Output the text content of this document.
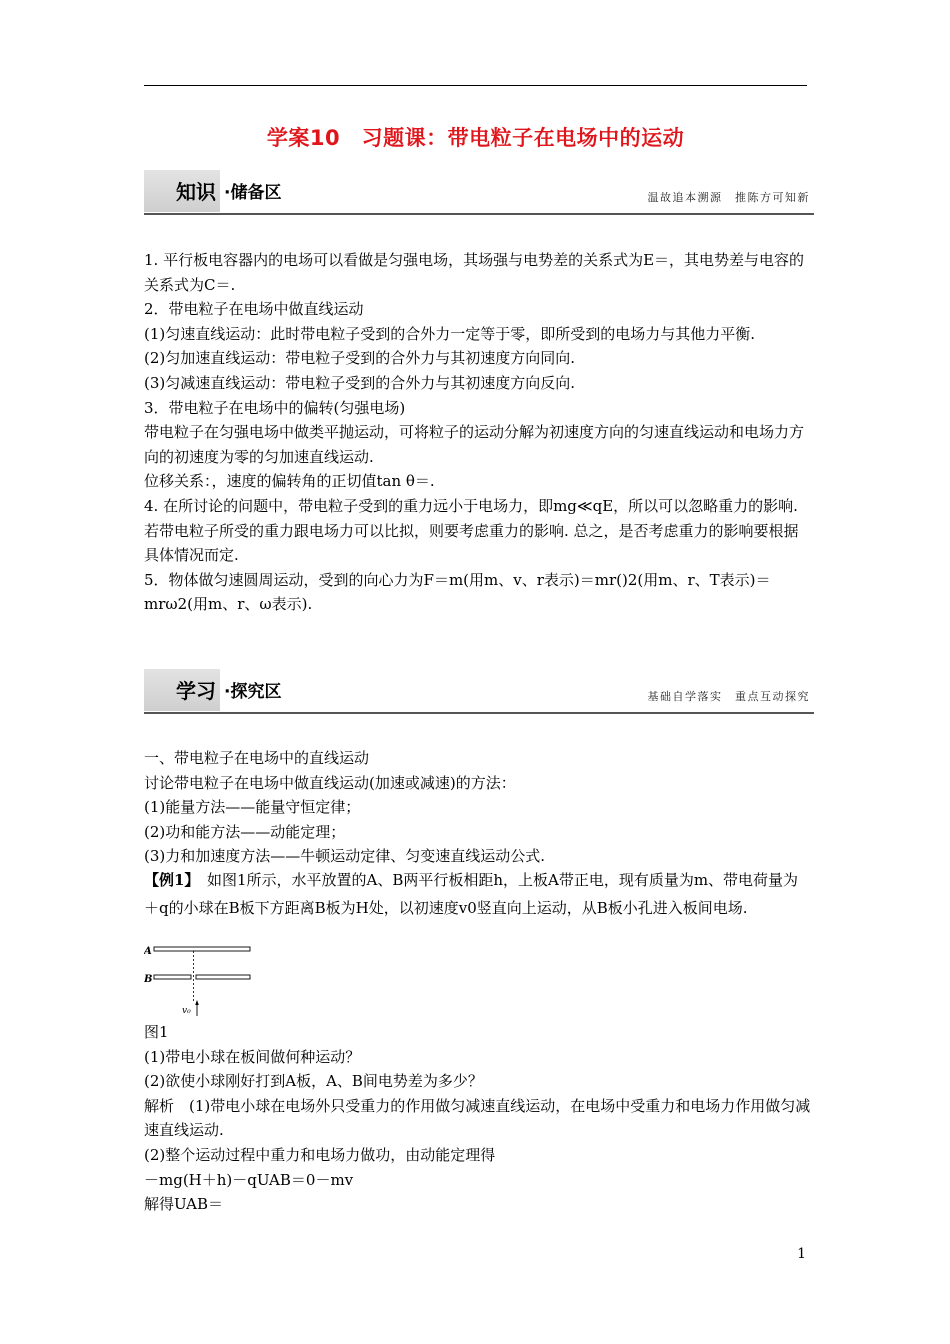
学案10　习题课：带电粒子在电场中的运动
知识 ·储备区	温故追本溯源　推陈方可知新

1. 平行板电容器内的电场可以看做是匀强电场，其场强与电势差的关系式为E＝，其电势差与电容的关系式为C＝.

2．带电粒子在电场中做直线运动

(1)匀速直线运动：此时带电粒子受到的合外力一定等于零，即所受到的电场力与其他力平衡.

(2)匀加速直线运动：带电粒子受到的合外力与其初速度方向同向.

(3)匀减速直线运动：带电粒子受到的合外力与其初速度方向反向.

3．带电粒子在电场中的偏转(匀强电场)

带电粒子在匀强电场中做类平抛运动，可将粒子的运动分解为初速度方向的匀速直线运动和电场力方向的初速度为零的匀加速直线运动.

位移关系：，速度的偏转角的正切值tan θ＝.

4. 在所讨论的问题中，带电粒子受到的重力远小于电场力，即mg≪qE，所以可以忽略重力的影响. 若带电粒子所受的重力跟电场力可以比拟，则要考虑重力的影响. 总之，是否考虑重力的影响要根据具体情况而定.

5．物体做匀速圆周运动，受到的向心力为F＝m(用m、v、r表示)＝mr()2(用m、r、T表示)＝mrω2(用m、r、ω表示).

学习 ·探究区	基础自学落实　重点互动探究

一、带电粒子在电场中的直线运动

讨论带电粒子在电场中做直线运动(加速或减速)的方法：

(1)能量方法——能量守恒定律；

(2)功和能方法——动能定理；

(3)力和加速度方法——牛顿运动定律、匀变速直线运动公式.

【例1】　如图1所示，水平放置的A、B两平行板相距h，上板A带正电，现有质量为m、带电荷量为＋q的小球在B板下方距离B板为H处，以初速度v0竖直向上运动，从B板小孔进入板间电场.

A
B
v₀

图1

(1)带电小球在板间做何种运动？

(2)欲使小球刚好打到A板，A、B间电势差为多少？

解析　(1)带电小球在电场外只受重力的作用做匀减速直线运动，在电场中受重力和电场力作用做匀减速直线运动.

(2)整个运动过程中重力和电场力做功，由动能定理得

－mg(H＋h)－qUAB＝0－mv

解得UAB＝

1
